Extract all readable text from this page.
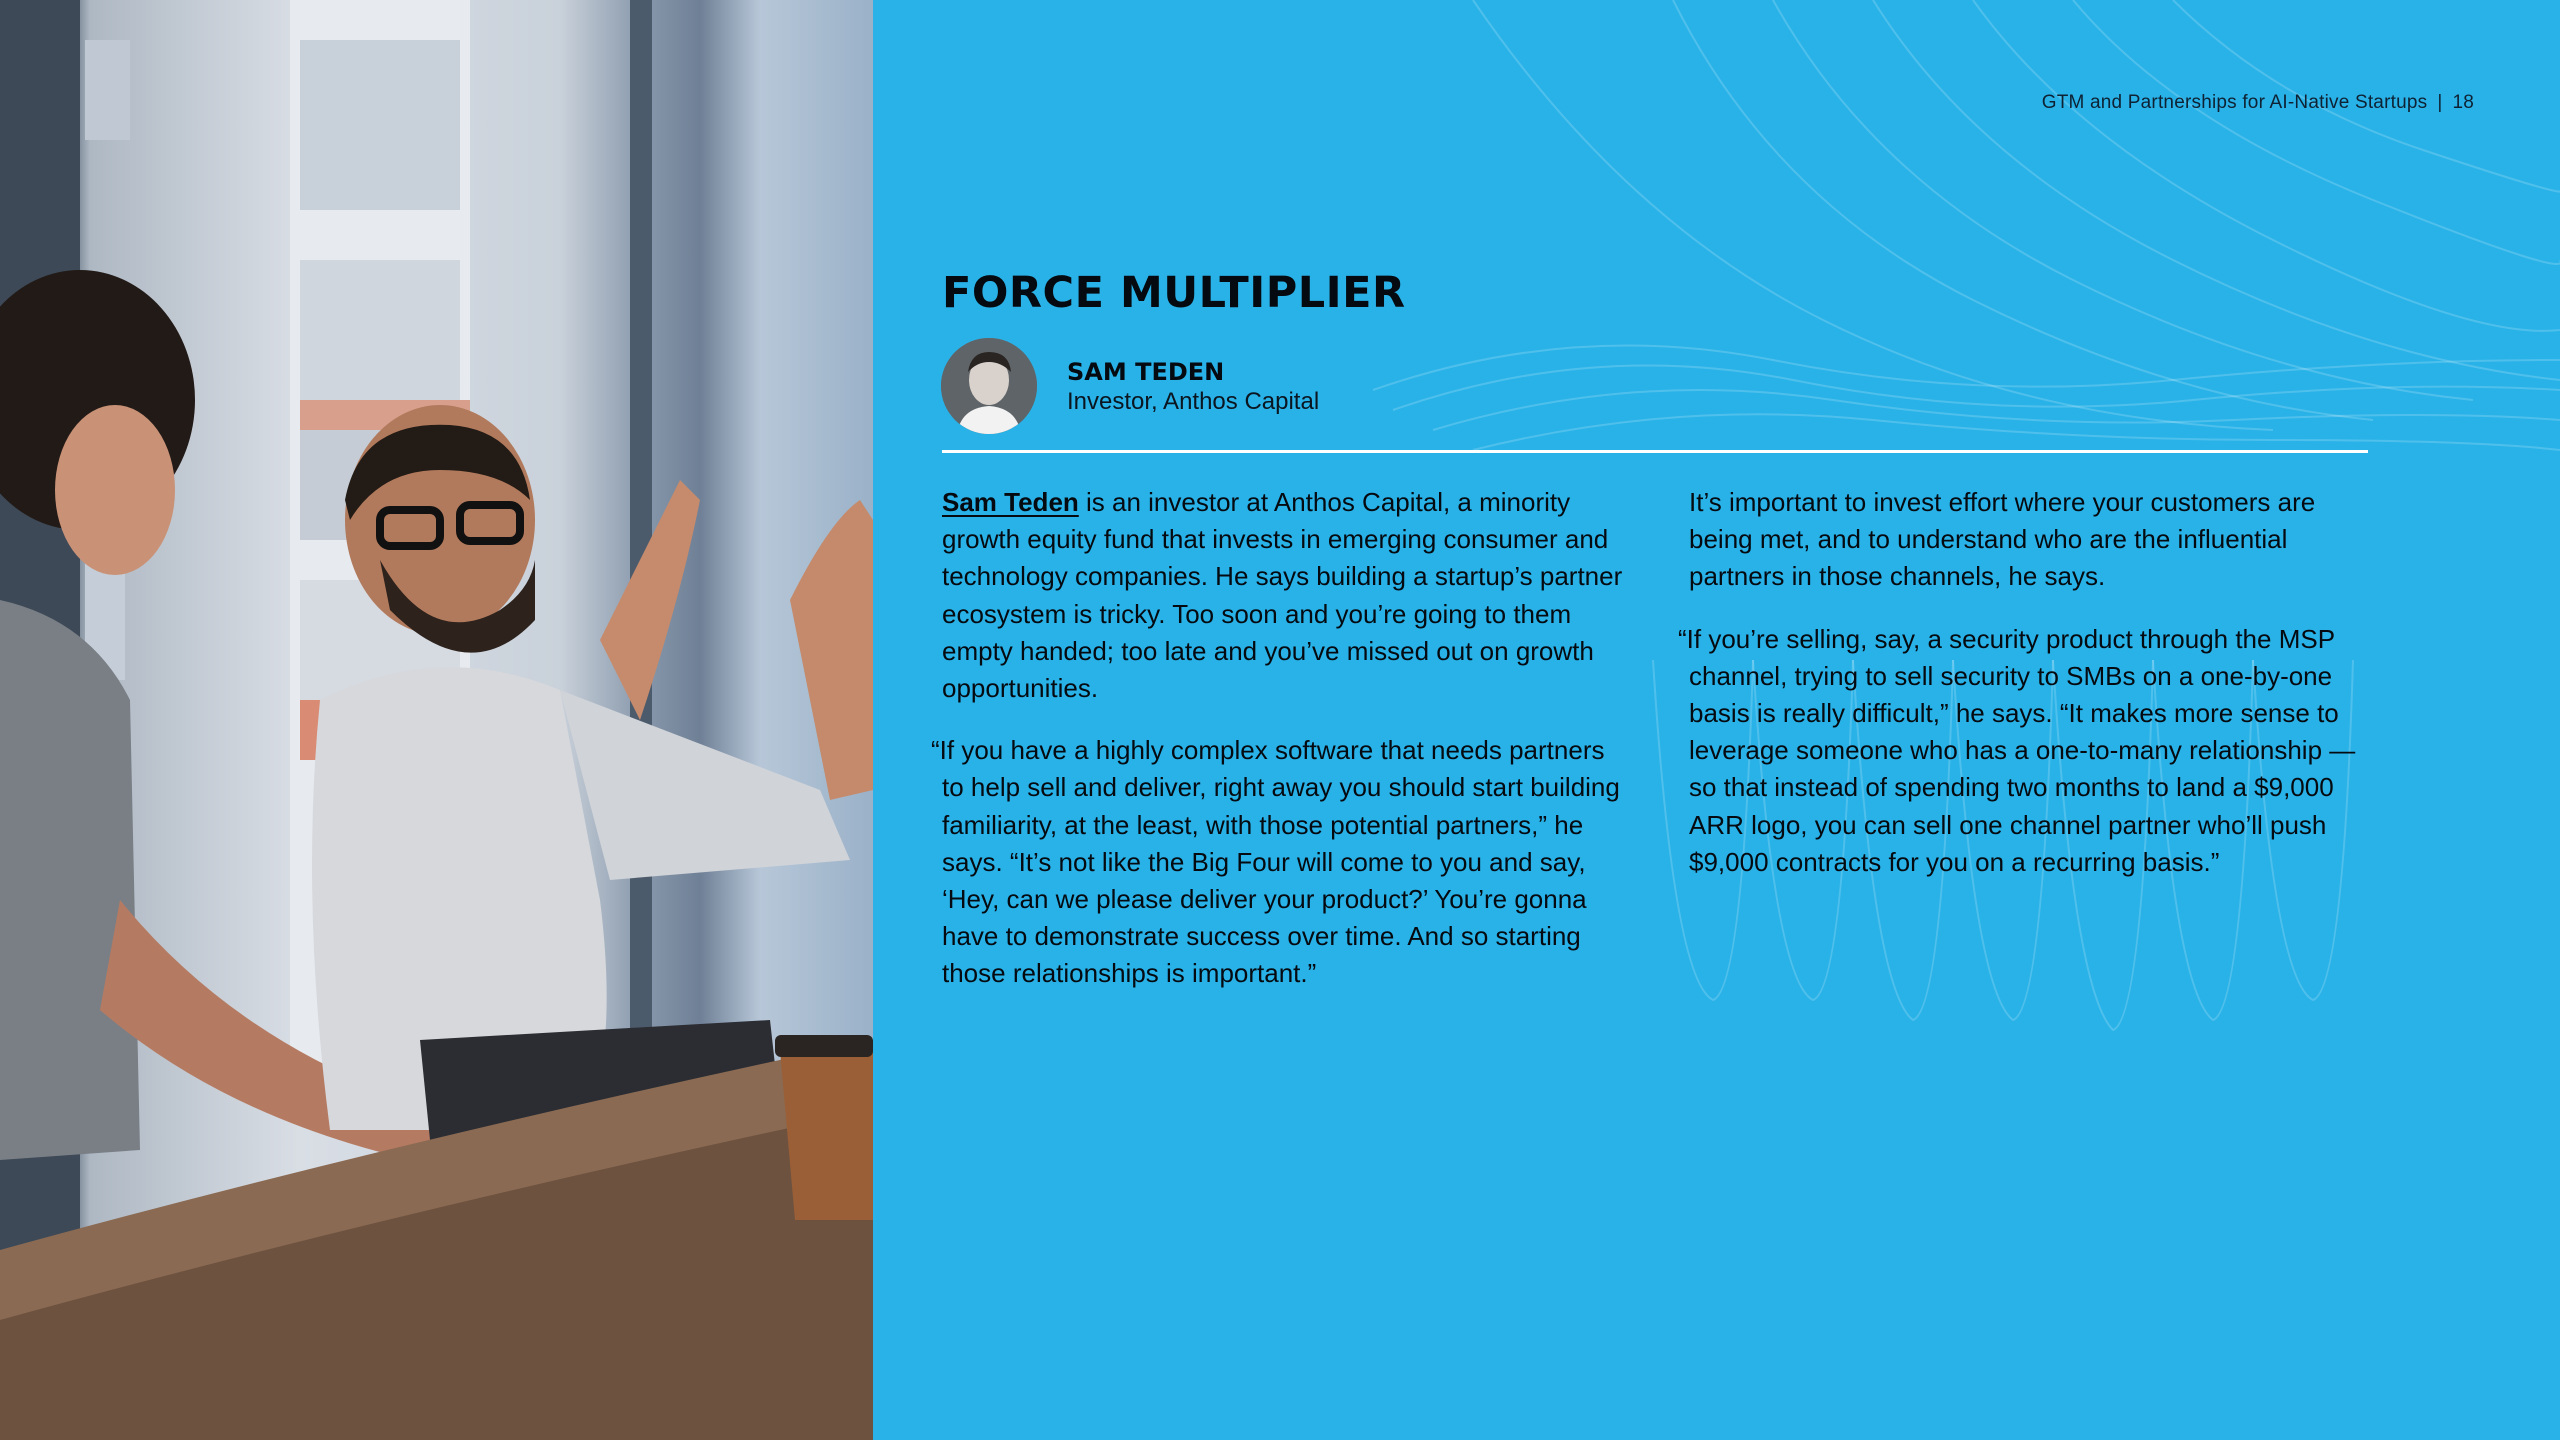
GTM and Partnerships for AI-Native Startups | 18
FORCE MULTIPLIER
SAM TEDEN
Investor, Anthos Capital

Sam Teden is an investor at Anthos Capital, a minority growth equity fund that invests in emerging consumer and technology companies. He says building a startup’s partner ecosystem is tricky. Too soon and you’re going to them empty handed; too late and you’ve missed out on growth opportunities.

“If you have a highly complex software that needs partners to help sell and deliver, right away you should start building familiarity, at the least, with those potential partners,” he says. “It’s not like the Big Four will come to you and say, ‘Hey, can we please deliver your product?’ You’re gonna have to demonstrate success over time. And so starting those relationships is important.”

It’s important to invest effort where your customers are being met, and to understand who are the influential partners in those channels, he says.

“If you’re selling, say, a security product through the MSP channel, trying to sell security to SMBs on a one-by-one basis is really difficult,” he says. “It makes more sense to leverage someone who has a one-to-many relationship — so that instead of spending two months to land a $9,000 ARR logo, you can sell one channel partner who’ll push $9,000 contracts for you on a recurring basis.”
